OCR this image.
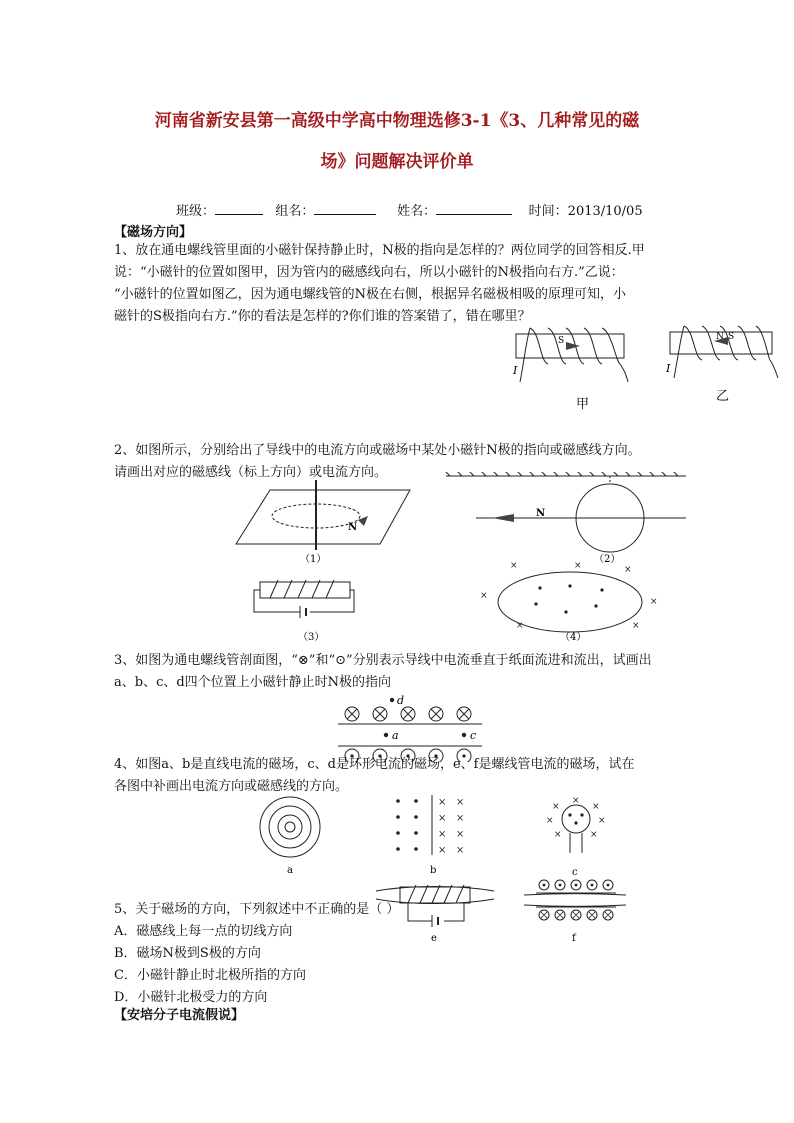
河南省新安县第一高级中学高中物理选修3-1《3、几种常见的磁
场》问题解决评价单
班级：	组名：	姓名：	时间：2013/10/05
【磁场方向】
1、放在通电螺线管里面的小磁针保持静止时，N极的指向是怎样的？两位同学的回答相反.甲
说：“小磁针的位置如图甲，因为管内的磁感线向右，所以小磁针的N极指向右方.”乙说：
“小磁针的位置如图乙，因为通电螺线管的N极在右侧，根据异名磁极相吸的原理可知，小
磁针的S极指向右方.”你的看法是怎样的?你们谁的答案错了，错在哪里？
S
I
甲
N S
I
乙
2、如图所示，分别给出了导线中的电流方向或磁场中某处小磁针N极的指向或磁感线方向。
请画出对应的磁感线（标上方向）或电流方向。
N
（1）
N
（2）
（3）
×	×	×
×
×
×	×
（4）
3、如图为通电螺线管剖面图，“⊗”和“⊙”分别表示导线中电流垂直于纸面流进和流出，试画出
a、b、c、d四个位置上小磁针静止时N极的指向
d
a	c
4、如图a、b是直线电流的磁场，c、d是环形电流的磁场，e、f是螺线管电流的磁场，试在
各图中补画出电流方向或磁感线的方向。
a
× ×
× ×
× ×
× ×
b
×	×
×	×
×	×
×
c
e	f
5、关于磁场的方向，下列叙述中不正确的是（ ）
A．磁感线上每一点的切线方向
B．磁场N极到S极的方向
C．小磁针静止时北极所指的方向
D．小磁针北极受力的方向
【安培分子电流假说】
